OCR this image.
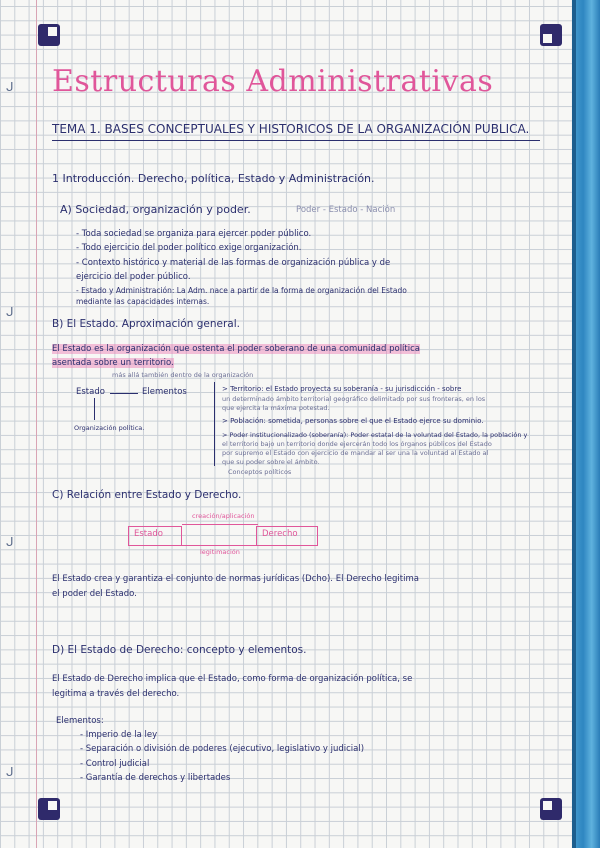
ᒍ
ᒍ
ᒍ
ᒍ
Estructuras Administrativas
TEMA 1. BASES CONCEPTUALES Y HISTORICOS DE LA ORGANIZACIÓN PUBLICA.
1 Introducción. Derecho, política, Estado y Administración.
A) Sociedad, organización y poder.	Poder - Estado - Nación
- Toda sociedad se organiza para ejercer poder público.
- Todo ejercicio del poder político exige organización.
- Contexto histórico y material de las formas de organización pública y de
ejercicio del poder público.
- Estado y Administración: La Adm. nace a partir de la forma de organización del Estado
mediante las capacidades internas.
B) El Estado. Aproximación general.
El Estado es la organización que ostenta el poder soberano de una comunidad política
asentada sobre un territorio.
más allá también dentro de la organización
Estado	Elementos
Organización política.
> Territorio: el Estado proyecta su soberanía - su jurisdicción - sobre
un determinado ámbito territorial geográfico delimitado por sus fronteras, en los
que ejercita la máxima potestad.
> Población: sometida, personas sobre el que el Estado ejerce su dominio.
> Poder institucionalizado (soberanía): Poder estatal de la voluntad del Estado, la población y
el territorio bajo un territorio donde ejercerán todo los órganos públicos del Estado
por supremo el Estado con ejercicio de mandar al ser una la voluntad al Estado al
que su poder sobre el ámbito.
Conceptos políticos
C) Relación entre Estado y Derecho.
creación/aplicación
Estado	Derecho
legitimación
El Estado crea y garantiza el conjunto de normas jurídicas (Dcho). El Derecho legitima
el poder del Estado.
D) El Estado de Derecho: concepto y elementos.
El Estado de Derecho implica que el Estado, como forma de organización política, se
legitima a través del derecho.
Elementos:
- Imperio de la ley
- Separación o división de poderes (ejecutivo, legislativo y judicial)
- Control judicial
- Garantía de derechos y libertades
